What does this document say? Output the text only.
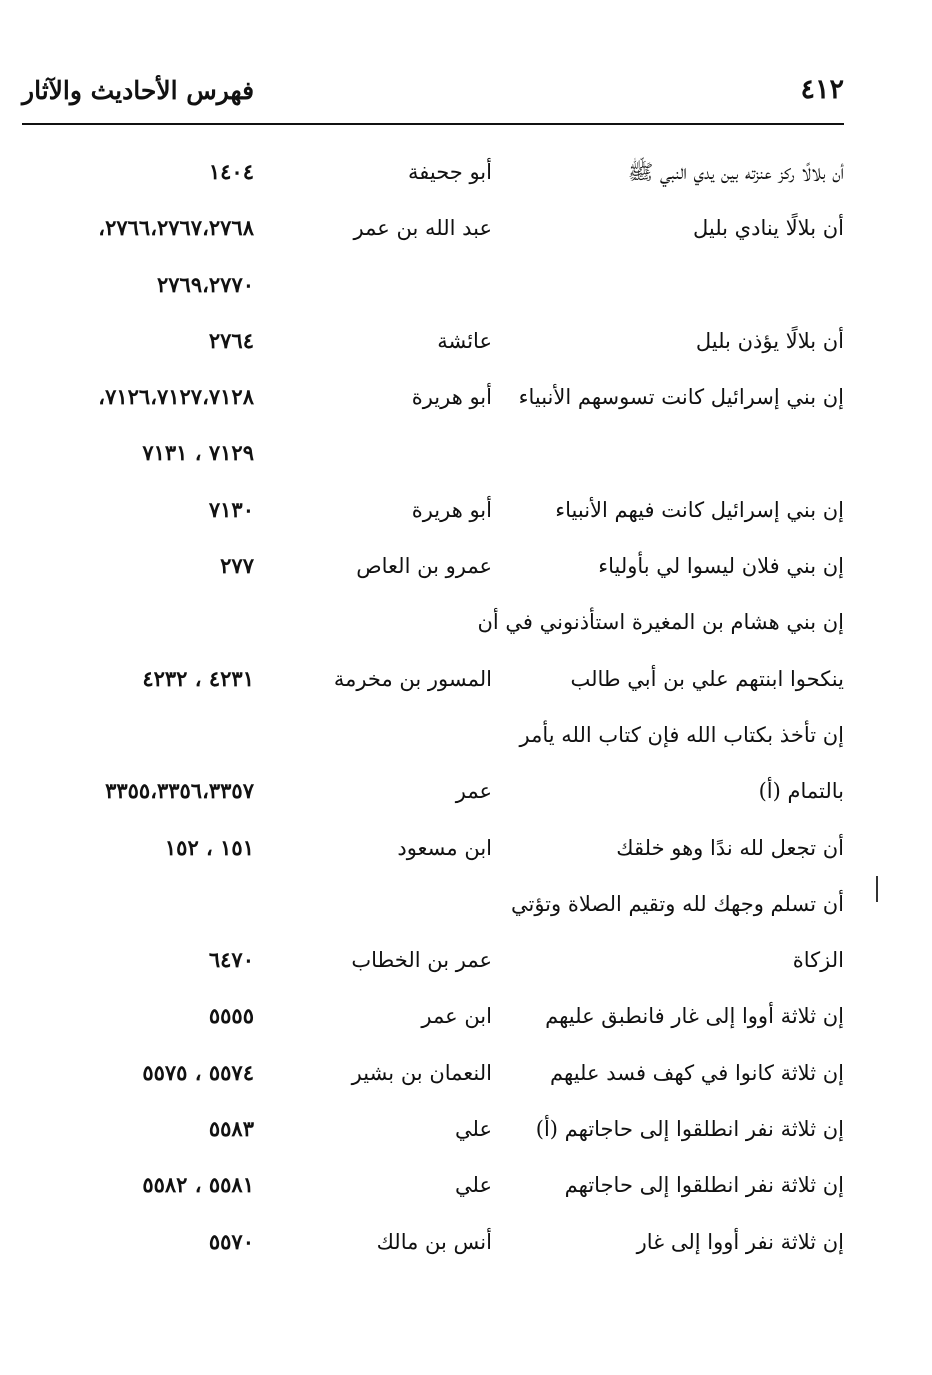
٤١٢
فهرس الأحاديث والآثار
أن بلالًا ركز عنزته بين يدي النبي ﷺ
أبو جحيفة
١٤٠٤
أن بلالًا ينادي بليل
عبد الله بن عمر
٢٧٦٦،٢٧٦٧،٢٧٦٨،
٢٧٦٩،٢٧٧٠
أن بلالًا يؤذن بليل
عائشة
٢٧٦٤
إن بني إسرائيل كانت تسوسهم الأنبياء
أبو هريرة
٧١٢٦،٧١٢٧،٧١٢٨،
٧١٢٩ ، ٧١٣١
إن بني إسرائيل كانت فيهم الأنبياء
أبو هريرة
٧١٣٠
إن بني فلان ليسوا لي بأولياء
عمرو بن العاص
٢٧٧
إن بني هشام بن المغيرة استأذنوني في أن
ينكحوا ابنتهم علي بن أبي طالب
المسور بن مخرمة
٤٢٣١ ، ٤٢٣٢
إن تأخذ بكتاب الله فإن كتاب الله يأمر
بالتمام (أ)
عمر
٣٣٥٥،٣٣٥٦،٣٣٥٧
أن تجعل لله ندًا وهو خلقك
ابن مسعود
١٥١ ، ١٥٢
أن تسلم وجهك لله وتقيم الصلاة وتؤتي
الزكاة
عمر بن الخطاب
٦٤٧٠
إن ثلاثة أووا إلى غار فانطبق عليهم
ابن عمر
٥٥٥٥
إن ثلاثة كانوا في كهف فسد عليهم
النعمان بن بشير
٥٥٧٤ ، ٥٥٧٥
إن ثلاثة نفر انطلقوا إلى حاجاتهم (أ)
علي
٥٥٨٣
إن ثلاثة نفر انطلقوا إلى حاجاتهم
علي
٥٥٨١ ، ٥٥٨٢
إن ثلاثة نفر أووا إلى غار
أنس بن مالك
٥٥٧٠
